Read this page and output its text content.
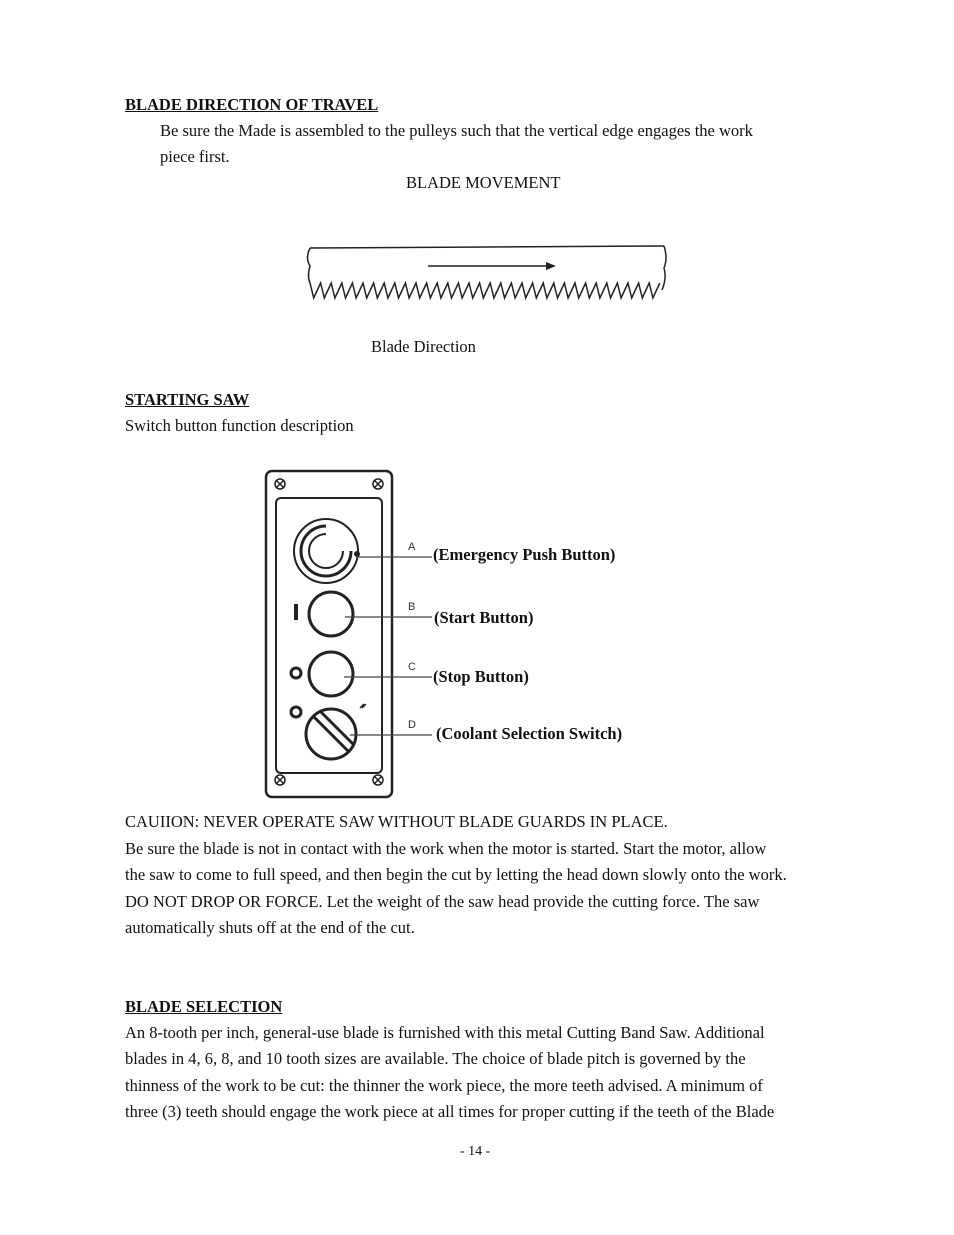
BLADE DIRECTION OF TRAVEL
Be sure the Made is assembled to the pulleys such that the vertical edge engages the work
piece first.
BLADE MOVEMENT
Blade Direction
STARTING SAW
Switch button function description
A
B
C
D
(Emergency Push Button)
(Start Button)
(Stop Button)
(Coolant Selection Switch)
CAUIION: NEVER OPERATE SAW WITHOUT BLADE GUARDS IN PLACE.
Be sure the blade is not in contact with the work when the motor is started. Start the motor, allow
the saw to come to full speed, and then begin the cut by letting the head down slowly onto the work.
DO NOT DROP OR FORCE. Let the weight of the saw head provide the cutting force. The saw
automatically shuts off at the end of the cut.
BLADE SELECTION
An 8-tooth per inch, general-use blade is furnished with this metal Cutting Band Saw. Additional
blades in 4, 6, 8, and 10 tooth sizes are available. The choice of blade pitch is governed by the
thinness of the work to be cut: the thinner the work piece, the more teeth advised. A minimum of
three (3) teeth should engage the work piece at all times for proper cutting if the teeth of the Blade
- 14 -
